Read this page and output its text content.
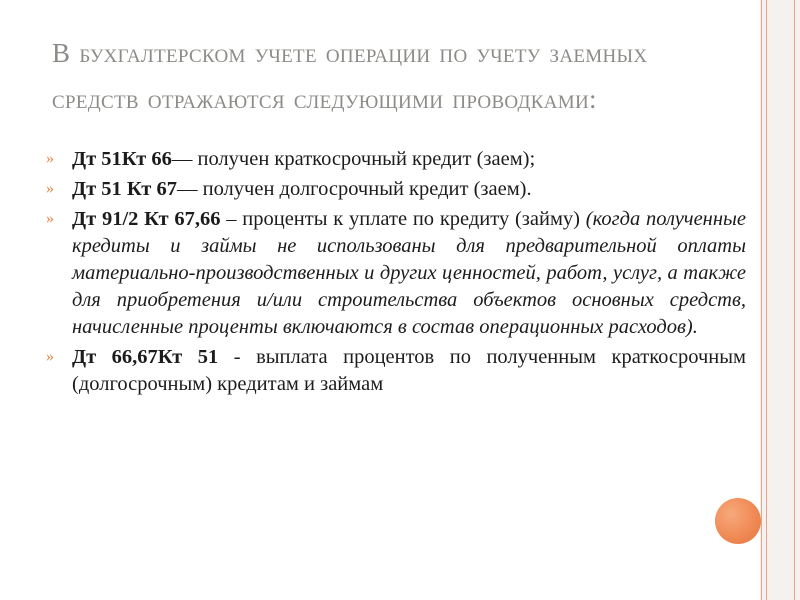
В бухгалтерском учете операции по учету заемных средств отражаются следующими проводками:
» Дт 51Кт 66— получен краткосрочный кредит (заем);
» Дт 51 Кт 67— получен долгосрочный кредит (заем).
» Дт 91/2 Кт 67,66 – проценты к уплате по кредиту (займу) (когда полученные кредиты и займы не использованы для предварительной оплаты материально-производственных и других ценностей, работ, услуг, а также для приобретения и/или строительства объектов основных средств, начисленные проценты включаются в состав операционных расходов).
» Дт 66,67Кт 51 - выплата процентов по полученным краткосрочным (долгосрочным) кредитам и займам
